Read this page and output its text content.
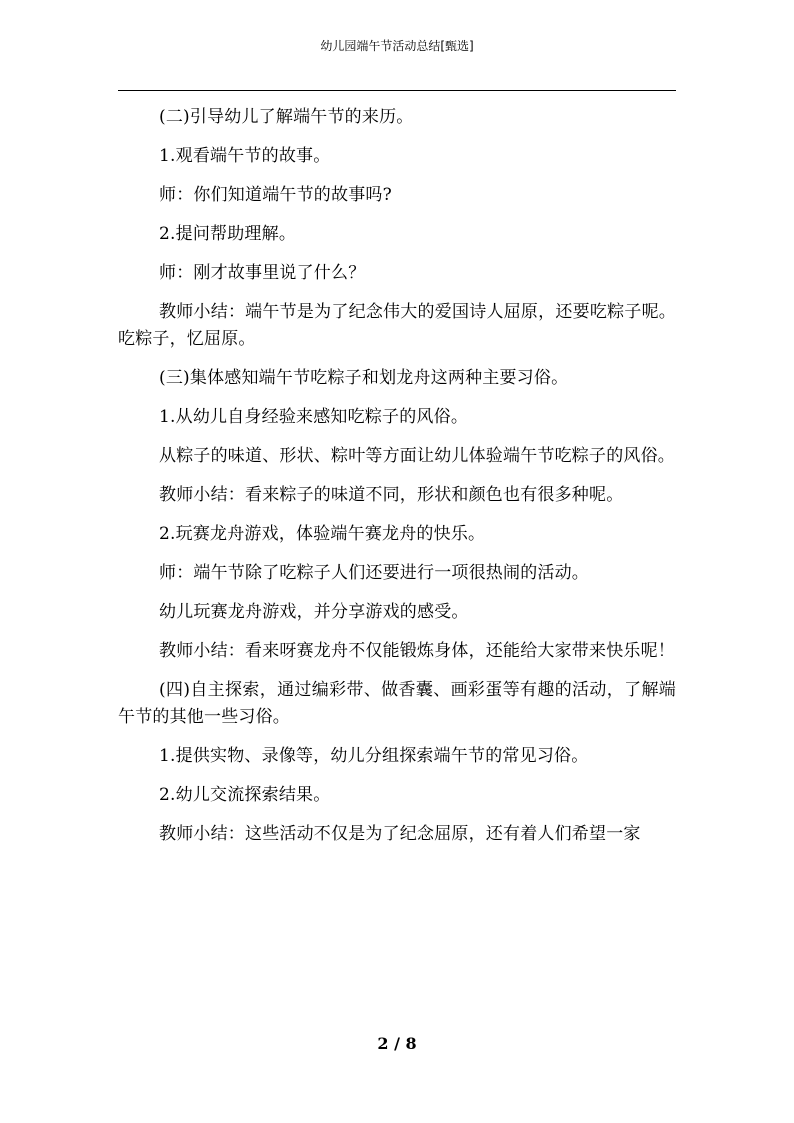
幼儿园端午节活动总结[甄选]

(二)引导幼儿了解端午节的来历。

1.观看端午节的故事。

师：你们知道端午节的故事吗?

2.提问帮助理解。

师：刚才故事里说了什么？

教师小结：端午节是为了纪念伟大的爱国诗人屈原，还要吃粽子呢。吃粽子，忆屈原。

(三)集体感知端午节吃粽子和划龙舟这两种主要习俗。

1.从幼儿自身经验来感知吃粽子的风俗。

从粽子的味道、形状、粽叶等方面让幼儿体验端午节吃粽子的风俗。

教师小结：看来粽子的味道不同，形状和颜色也有很多种呢。

2.玩赛龙舟游戏，体验端午赛龙舟的快乐。

师：端午节除了吃粽子人们还要进行一项很热闹的活动。

幼儿玩赛龙舟游戏，并分享游戏的感受。

教师小结：看来呀赛龙舟不仅能锻炼身体，还能给大家带来快乐呢！

(四)自主探索，通过编彩带、做香囊、画彩蛋等有趣的活动，了解端午节的其他一些习俗。

1.提供实物、录像等，幼儿分组探索端午节的常见习俗。

2.幼儿交流探索结果。

教师小结：这些活动不仅是为了纪念屈原，还有着人们希望一家

2 / 8
